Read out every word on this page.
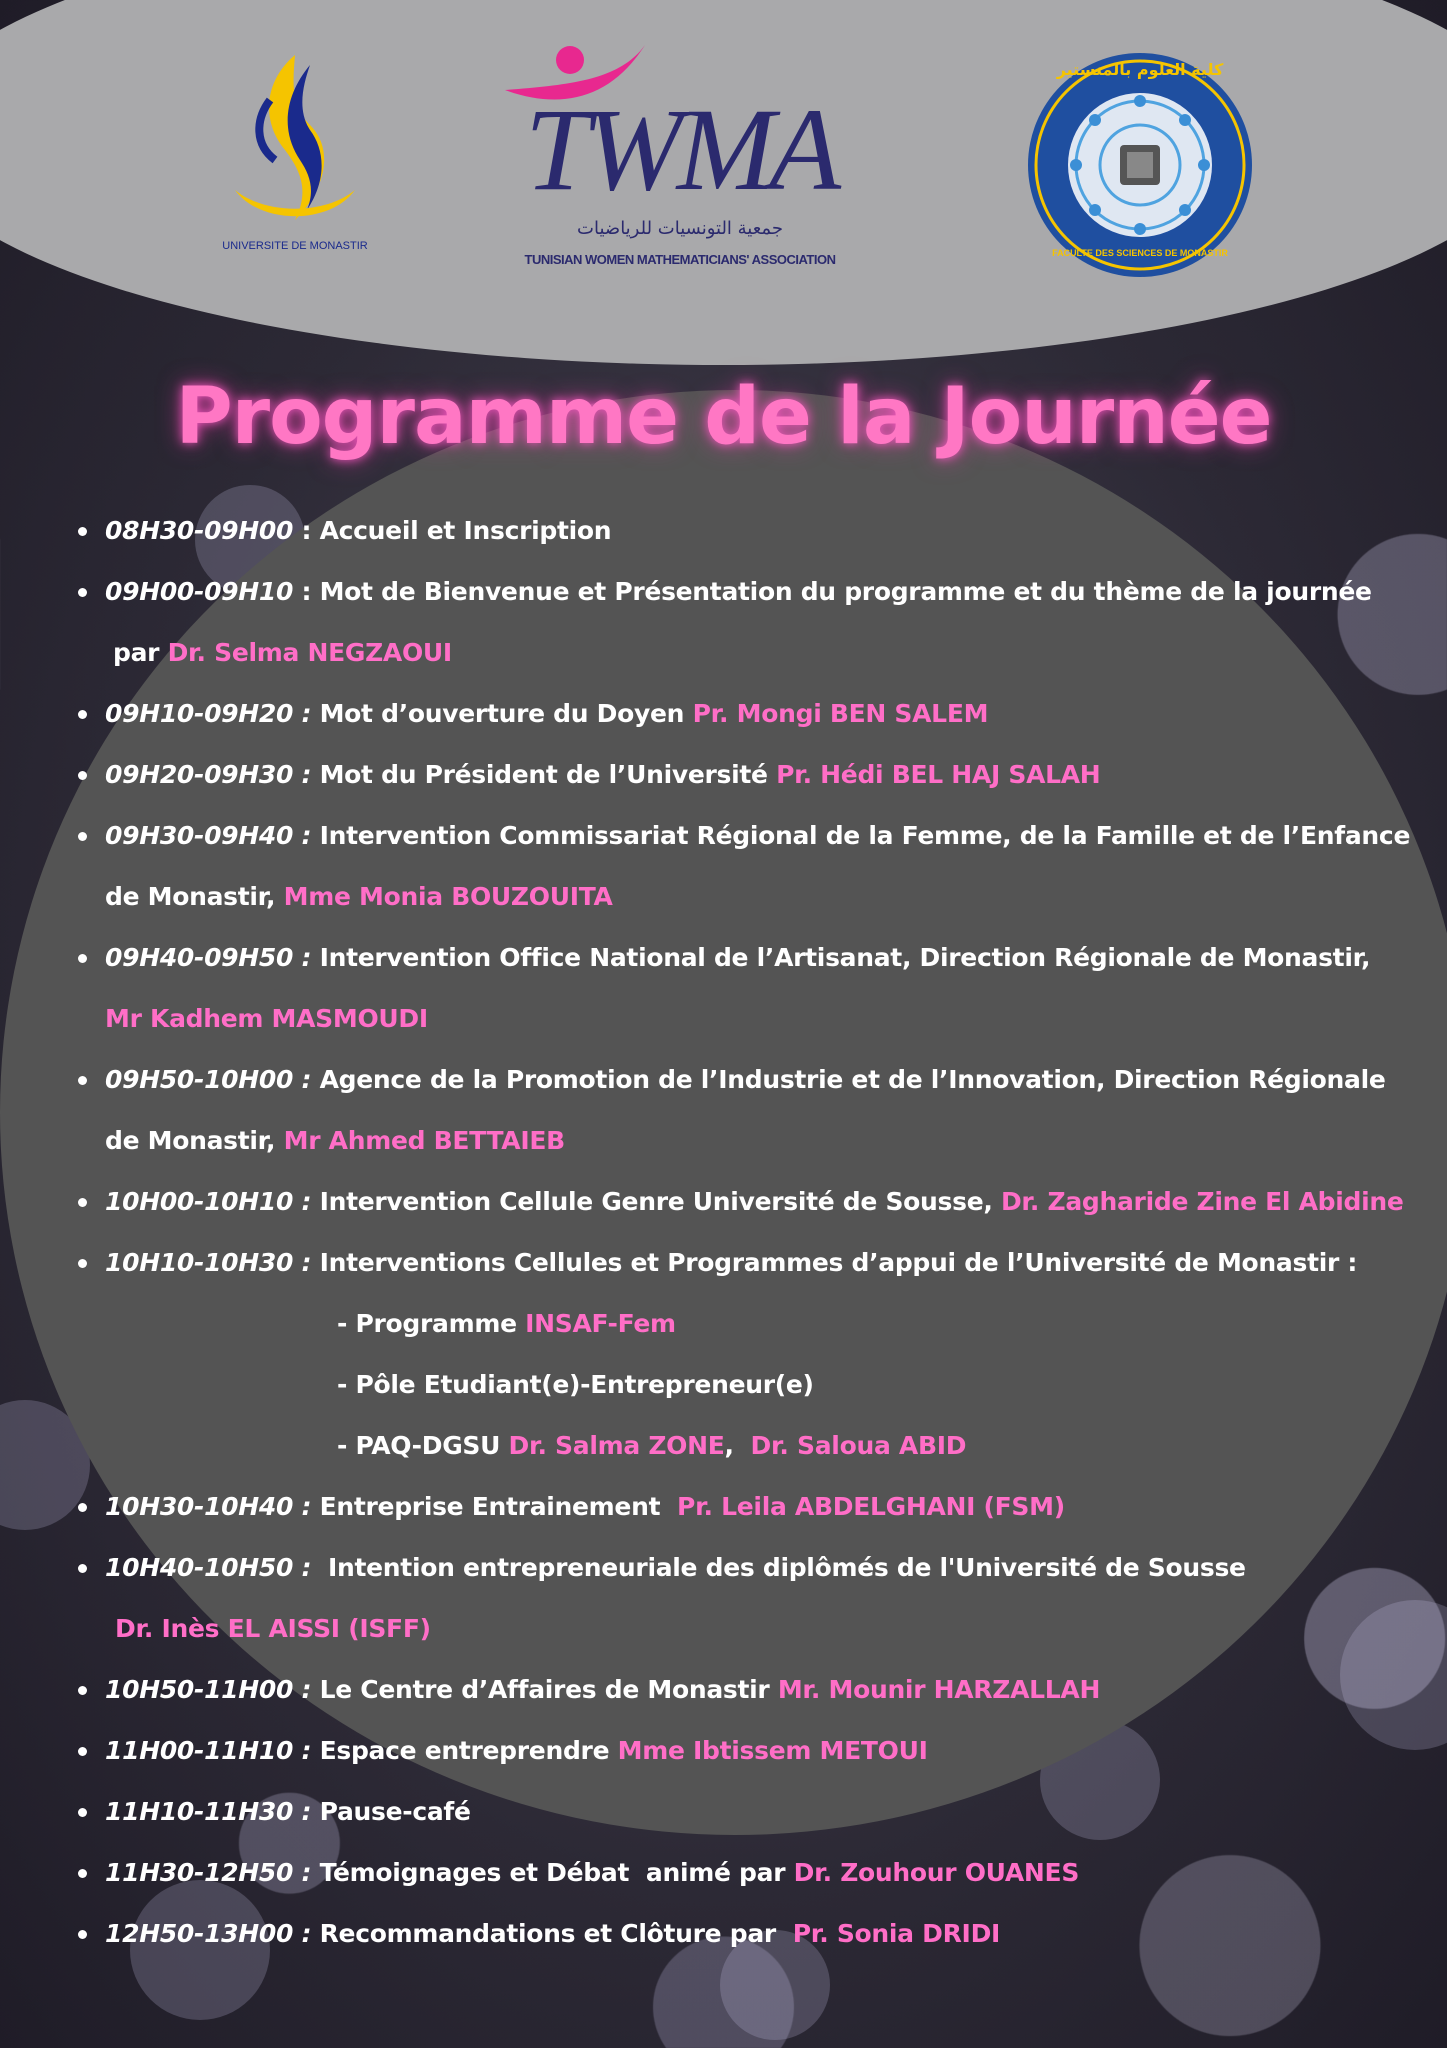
UNIVERSITE DE MONASTIR
TWMA
جمعية التونسيات للرياضيات
TUNISIAN WOMEN MATHEMATICIANS' ASSOCIATION
كلية العلوم بالمنستير
FACULTE DES SCIENCES DE MONASTIR
Programme de la Journée
08H30-09H00 : Accueil et Inscription
09H00-09H10 : Mot de Bienvenue et Présentation du programme et du thème de la journée
par Dr. Selma NEGZAOUI
09H10-09H20 : Mot d’ouverture du Doyen Pr. Mongi BEN SALEM
09H20-09H30 : Mot du Président de l’Université Pr. Hédi BEL HAJ SALAH
09H30-09H40 : Intervention Commissariat Régional de la Femme, de la Famille et de l’Enfance
de Monastir, Mme Monia BOUZOUITA
09H40-09H50 : Intervention Office National de l’Artisanat, Direction Régionale de Monastir,
Mr Kadhem MASMOUDI
09H50-10H00 : Agence de la Promotion de l’Industrie et de l’Innovation, Direction Régionale
de Monastir, Mr Ahmed BETTAIEB
10H00-10H10 : Intervention Cellule Genre Université de Sousse, Dr. Zagharide Zine El Abidine
10H10-10H30 : Interventions Cellules et Programmes d’appui de l’Université de Monastir :
- Programme INSAF-Fem
- Pôle Etudiant(e)-Entrepreneur(e)
- PAQ-DGSU Dr. Salma ZONE,  Dr. Saloua ABID
10H30-10H40 : Entreprise Entrainement  Pr. Leila ABDELGHANI (FSM)
10H40-10H50 :  Intention entrepreneuriale des diplômés de l'Université de Sousse
Dr. Inès EL AISSI (ISFF)
10H50-11H00 : Le Centre d’Affaires de Monastir Mr. Mounir HARZALLAH
11H00-11H10 : Espace entreprendre Mme Ibtissem METOUI
11H10-11H30 : Pause-café
11H30-12H50 : Témoignages et Débat  animé par Dr. Zouhour OUANES
12H50-13H00 : Recommandations et Clôture par  Pr. Sonia DRIDI
